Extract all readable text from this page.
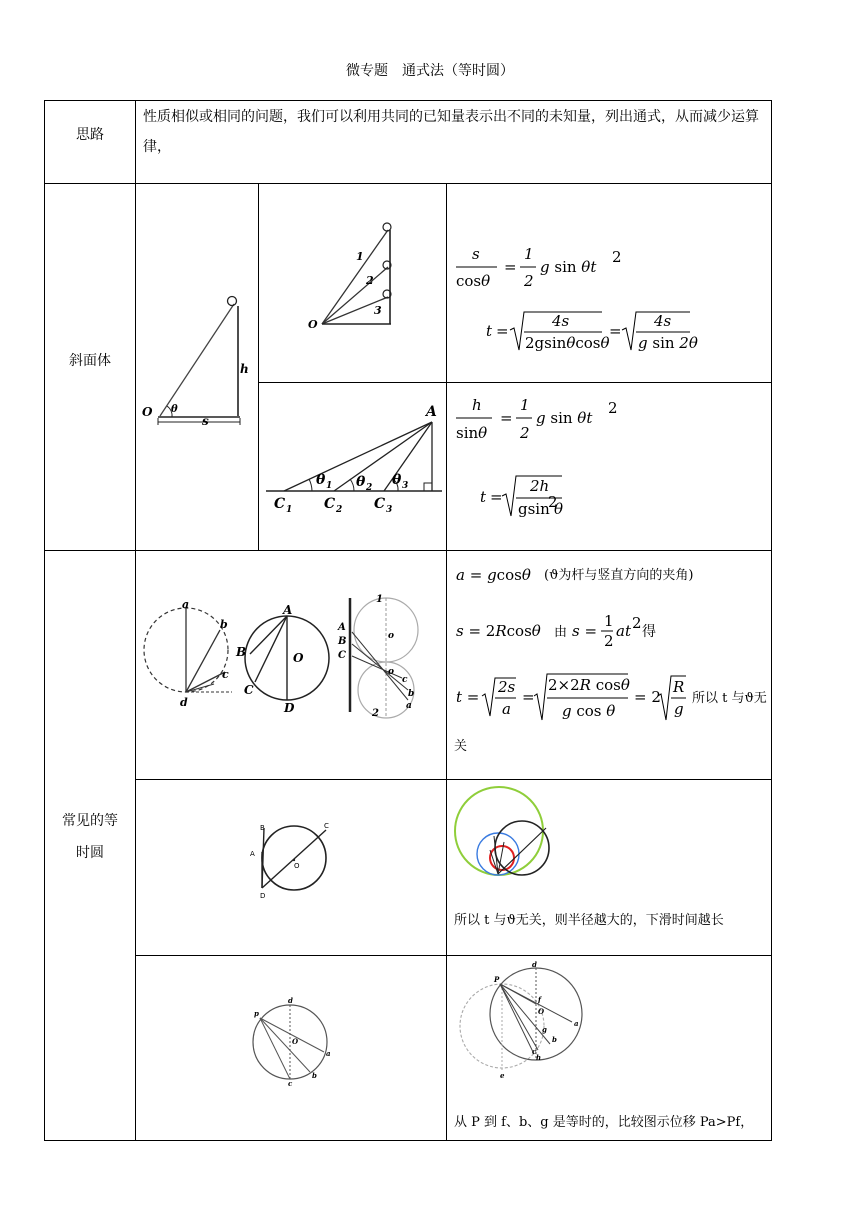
微专题　通式法（等时圆）
思路
性质相似或相同的问题，我们可以利用共同的已知量表示出不同的未知量，列出通式，从而减少运算律，
斜面体
O θ
h
s
O
1
2
3
s
cosθ
=
1
2
g sin θt
2
t =
4s
2gsinθcosθ
=
4s
g sin 2θ
A
C 1 C 2 C 3
θ 1 θ 2 θ 3
h
sinθ
=
1
2
g sin θt
2
t =
2h
gsin
2
θ
常见的等
时圆
a
b
c
d
A
B
C
D
O
1
2
A
B
C
o
o
c
b
a
a = gcosθ (ϑ为杆与竖直方向的夹角)
s = 2Rcosθ 由 s =
1
2
at 2 得
t =
2s
a
=
2×2R cosθ
g cos θ
= 2
R
g
所以 t 与ϑ无
关
B
A
C
D
O
所以 t 与ϑ无关，则半径越大的，下滑时间越长
p
d
O
a
b
c
P
d
f
O
g
b
a
c
h
e
从 P 到 f、b、g 是等时的，比较图示位移 Pa>Pf，
